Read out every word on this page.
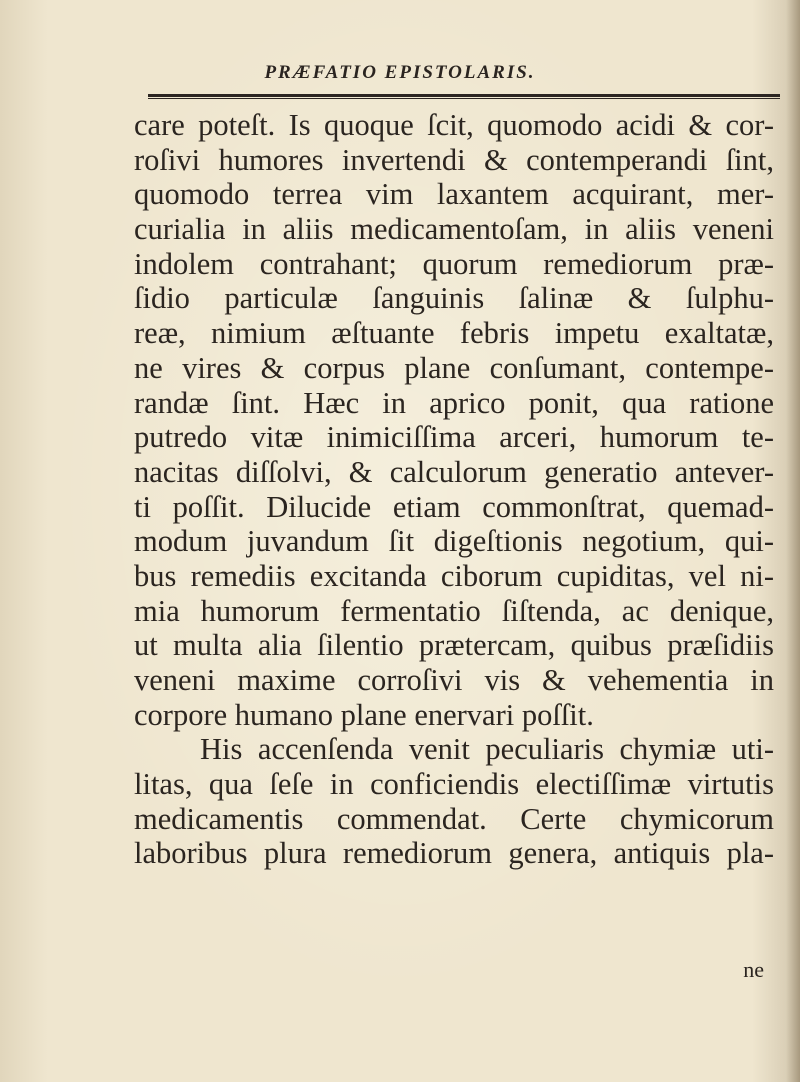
PRÆFATIO EPISTOLARIS.
care poteſt. Is quoque ſcit, quomodo acidi & cor-
roſivi humores invertendi & contemperandi ſint,
quomodo terrea vim laxantem acquirant, mer-
curialia in aliis medicamentoſam, in aliis veneni
indolem contrahant; quorum remediorum præ-
ſidio particulæ ſanguinis ſalinæ & ſulphu-
reæ, nimium æſtuante febris impetu exaltatæ,
ne vires & corpus plane conſumant, contempe-
randæ ſint. Hæc in aprico ponit, qua ratione
putredo vitæ inimiciſſima arceri, humorum te-
nacitas diſſolvi, & calculorum generatio antever-
ti poſſit. Dilucide etiam commonſtrat, quemad-
modum juvandum ſit digeſtionis negotium, qui-
bus remediis excitanda ciborum cupiditas, vel ni-
mia humorum fermentatio ſiſtenda, ac denique,
ut multa alia ſilentio prætercam, quibus præſidiis
veneni maxime corroſivi vis & vehementia in
corpore humano plane enervari poſſit.
His accenſenda venit peculiaris chymiæ uti-
litas, qua ſeſe in conficiendis electiſſimæ virtutis
medicamentis commendat. Certe chymicorum
laboribus plura remediorum genera, antiquis pla-

ne
